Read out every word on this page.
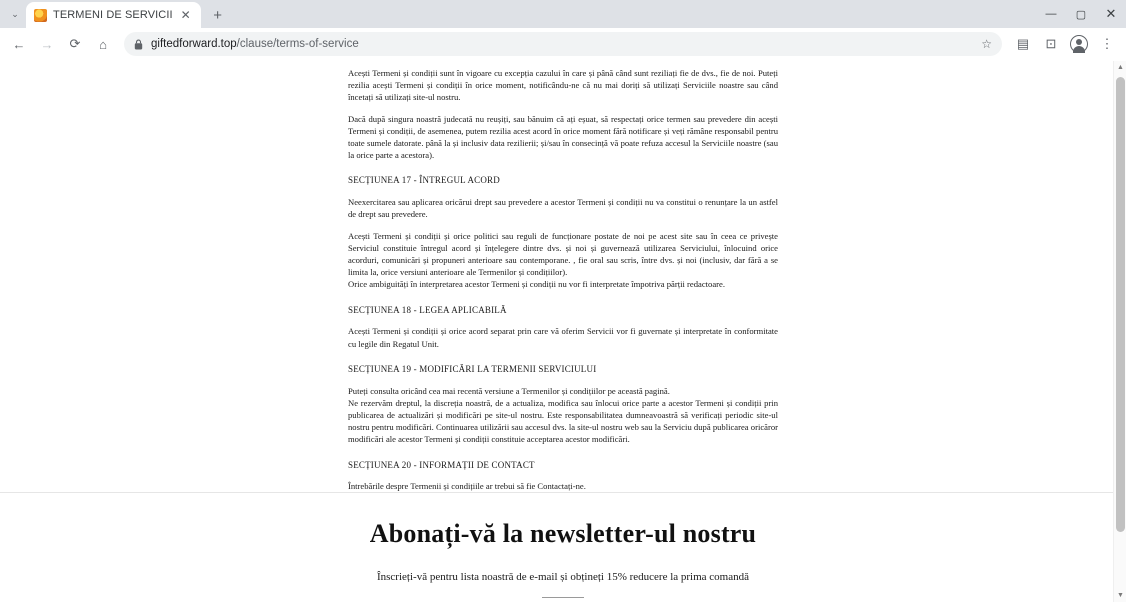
⌄	TERMENI DE SERVICII ✕	+	—	▢	✕
←	→	⟳	⌂	giftedforward.top/clause/terms-of-service	☆	▤	⊡	⋮

Acești Termeni și condiții sunt în vigoare cu excepția cazului în care și până când sunt reziliați fie de dvs., fie de noi. Puteți rezilia acești Termeni și condiții în orice moment, notificându-ne că nu mai doriți să utilizați Serviciile noastre sau când încetați să utilizați site-ul nostru.

Dacă după singura noastră judecată nu reușiți, sau bănuim că ați eșuat, să respectați orice termen sau prevedere din acești Termeni și condiții, de asemenea, putem rezilia acest acord în orice moment fără notificare și veți rămâne responsabil pentru toate sumele datorate. până la și inclusiv data rezilierii; și/sau în consecință vă poate refuza accesul la Serviciile noastre (sau la orice parte a acestora).

SECȚIUNEA 17 - ÎNTREGUL ACORD

Neexercitarea sau aplicarea oricărui drept sau prevedere a acestor Termeni și condiții nu va constitui o renunțare la un astfel de drept sau prevedere.

Acești Termeni și condiții și orice politici sau reguli de funcționare postate de noi pe acest site sau în ceea ce privește Serviciul constituie întregul acord și înțelegere dintre dvs. și noi și guvernează utilizarea Serviciului, înlocuind orice acorduri, comunicări și propuneri anterioare sau contemporane. , fie oral sau scris, între dvs. și noi (inclusiv, dar fără a se limita la, orice versiuni anterioare ale Termenilor și condițiilor).

Orice ambiguități în interpretarea acestor Termeni și condiții nu vor fi interpretate împotriva părții redactoare.

SECȚIUNEA 18 - LEGEA APLICABILĂ

Acești Termeni și condiții și orice acord separat prin care vă oferim Servicii vor fi guvernate și interpretate în conformitate cu legile din Regatul Unit.

SECȚIUNEA 19 - MODIFICĂRI LA TERMENII SERVICIULUI

Puteți consulta oricând cea mai recentă versiune a Termenilor și condițiilor pe această pagină.

Ne rezervăm dreptul, la discreția noastră, de a actualiza, modifica sau înlocui orice parte a acestor Termeni și condiții prin publicarea de actualizări și modificări pe site-ul nostru. Este responsabilitatea dumneavoastră să verificați periodic site-ul nostru pentru modificări. Continuarea utilizării sau accesul dvs. la site-ul nostru web sau la Serviciu după publicarea oricăror modificări ale acestor Termeni și condiții constituie acceptarea acestor modificări.

SECȚIUNEA 20 - INFORMAȚII DE CONTACT

Întrebările despre Termenii și condițiile ar trebui să fie Contactați-ne.

Abonați-vă la newsletter-ul nostru

Înscrieți-vă pentru lista noastră de e-mail și obțineți 15% reducere la prima comandă

▲
▼
